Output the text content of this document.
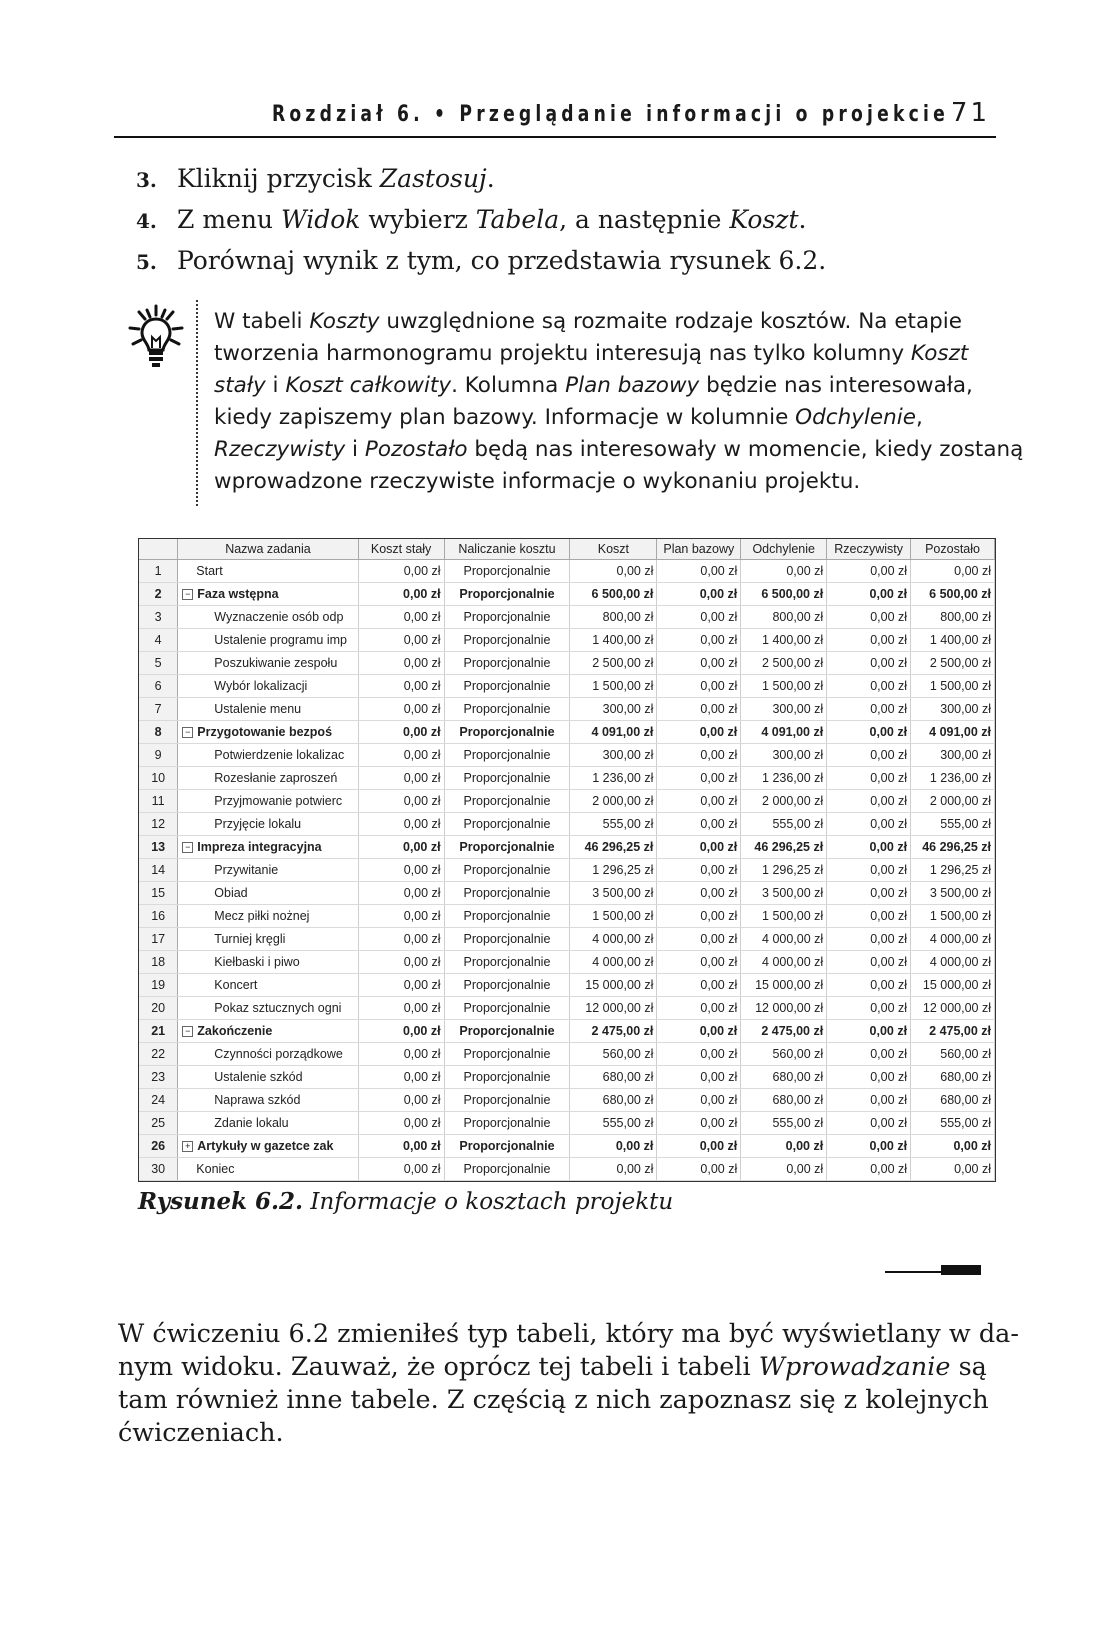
Rozdział 6. • Przeglądanie informacji o projekcie 71
3. Kliknij przycisk Zastosuj.
4. Z menu Widok wybierz Tabela, a następnie Koszt.
5. Porównaj wynik z tym, co przedstawia rysunek 6.2.

W tabeli Koszty uwzględnione są rozmaite rodzaje kosztów. Na etapie

tworzenia harmonogramu projektu interesują nas tylko kolumny Koszt

stały i Koszt całkowity. Kolumna Plan bazowy będzie nas interesowała,

kiedy zapiszemy plan bazowy. Informacje w kolumnie Odchylenie,

Rzeczywisty i Pozostało będą nas interesowały w momencie, kiedy zostaną

wprowadzone rzeczywiste informacje o wykonaniu projektu.

	Nazwa zadania	Koszt stały	Naliczanie kosztu	Koszt	Plan bazowy	Odchylenie	Rzeczywisty	Pozostało
1	Start	0,00 zł	Proporcjonalnie	0,00 zł	0,00 zł	0,00 zł	0,00 zł	0,00 zł
2	− Faza wstępna	0,00 zł	Proporcjonalnie	6 500,00 zł	0,00 zł	6 500,00 zł	0,00 zł	6 500,00 zł
3	Wyznaczenie osób odp	0,00 zł	Proporcjonalnie	800,00 zł	0,00 zł	800,00 zł	0,00 zł	800,00 zł
4	Ustalenie programu imp	0,00 zł	Proporcjonalnie	1 400,00 zł	0,00 zł	1 400,00 zł	0,00 zł	1 400,00 zł
5	Poszukiwanie zespołu	0,00 zł	Proporcjonalnie	2 500,00 zł	0,00 zł	2 500,00 zł	0,00 zł	2 500,00 zł
6	Wybór lokalizacji	0,00 zł	Proporcjonalnie	1 500,00 zł	0,00 zł	1 500,00 zł	0,00 zł	1 500,00 zł
7	Ustalenie menu	0,00 zł	Proporcjonalnie	300,00 zł	0,00 zł	300,00 zł	0,00 zł	300,00 zł
8	− Przygotowanie bezpoś	0,00 zł	Proporcjonalnie	4 091,00 zł	0,00 zł	4 091,00 zł	0,00 zł	4 091,00 zł
9	Potwierdzenie lokalizac	0,00 zł	Proporcjonalnie	300,00 zł	0,00 zł	300,00 zł	0,00 zł	300,00 zł
10	Rozesłanie zaproszeń	0,00 zł	Proporcjonalnie	1 236,00 zł	0,00 zł	1 236,00 zł	0,00 zł	1 236,00 zł
11	Przyjmowanie potwierc	0,00 zł	Proporcjonalnie	2 000,00 zł	0,00 zł	2 000,00 zł	0,00 zł	2 000,00 zł
12	Przyjęcie lokalu	0,00 zł	Proporcjonalnie	555,00 zł	0,00 zł	555,00 zł	0,00 zł	555,00 zł
13	− Impreza integracyjna	0,00 zł	Proporcjonalnie	46 296,25 zł	0,00 zł	46 296,25 zł	0,00 zł	46 296,25 zł
14	Przywitanie	0,00 zł	Proporcjonalnie	1 296,25 zł	0,00 zł	1 296,25 zł	0,00 zł	1 296,25 zł
15	Obiad	0,00 zł	Proporcjonalnie	3 500,00 zł	0,00 zł	3 500,00 zł	0,00 zł	3 500,00 zł
16	Mecz piłki nożnej	0,00 zł	Proporcjonalnie	1 500,00 zł	0,00 zł	1 500,00 zł	0,00 zł	1 500,00 zł
17	Turniej kręgli	0,00 zł	Proporcjonalnie	4 000,00 zł	0,00 zł	4 000,00 zł	0,00 zł	4 000,00 zł
18	Kiełbaski i piwo	0,00 zł	Proporcjonalnie	4 000,00 zł	0,00 zł	4 000,00 zł	0,00 zł	4 000,00 zł
19	Koncert	0,00 zł	Proporcjonalnie	15 000,00 zł	0,00 zł	15 000,00 zł	0,00 zł	15 000,00 zł
20	Pokaz sztucznych ogni	0,00 zł	Proporcjonalnie	12 000,00 zł	0,00 zł	12 000,00 zł	0,00 zł	12 000,00 zł
21	− Zakończenie	0,00 zł	Proporcjonalnie	2 475,00 zł	0,00 zł	2 475,00 zł	0,00 zł	2 475,00 zł
22	Czynności porządkowe	0,00 zł	Proporcjonalnie	560,00 zł	0,00 zł	560,00 zł	0,00 zł	560,00 zł
23	Ustalenie szkód	0,00 zł	Proporcjonalnie	680,00 zł	0,00 zł	680,00 zł	0,00 zł	680,00 zł
24	Naprawa szkód	0,00 zł	Proporcjonalnie	680,00 zł	0,00 zł	680,00 zł	0,00 zł	680,00 zł
25	Zdanie lokalu	0,00 zł	Proporcjonalnie	555,00 zł	0,00 zł	555,00 zł	0,00 zł	555,00 zł
26	+ Artykuły w gazetce zak	0,00 zł	Proporcjonalnie	0,00 zł	0,00 zł	0,00 zł	0,00 zł	0,00 zł
30	Koniec	0,00 zł	Proporcjonalnie	0,00 zł	0,00 zł	0,00 zł	0,00 zł	0,00 zł
Rysunek 6.2. Informacje o kosztach projektu

W ćwiczeniu 6.2 zmieniłeś typ tabeli, który ma być wyświetlany w da-

nym widoku. Zauważ, że oprócz tej tabeli i tabeli Wprowadzanie są

tam również inne tabele. Z częścią z nich zapoznasz się z kolejnych

ćwiczeniach.
